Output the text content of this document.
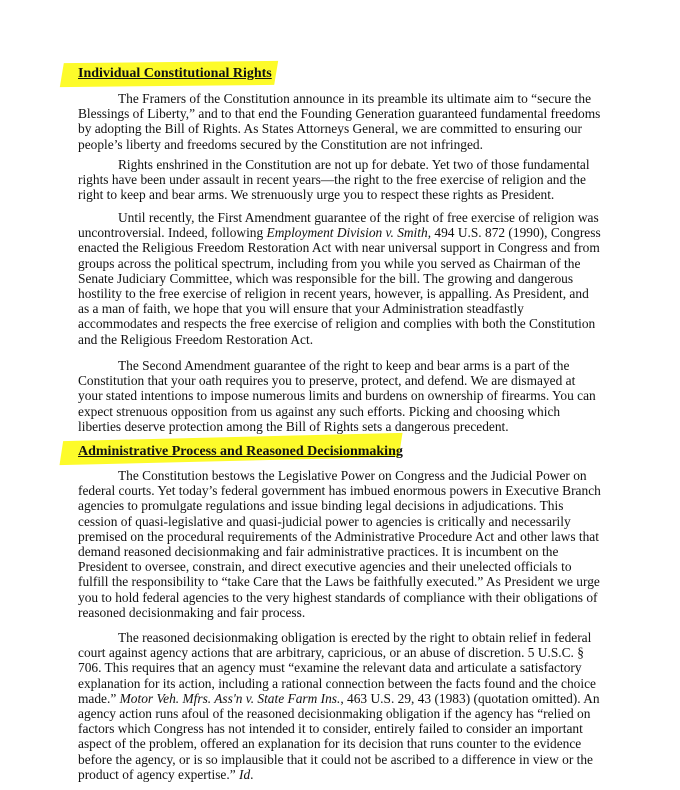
Individual Constitutional Rights

The Framers of the Constitution announce in its preamble its ultimate aim to “secure the Blessings of Liberty,” and to that end the Founding Generation guaranteed fundamental freedoms by adopting the Bill of Rights. As States Attorneys General, we are committed to ensuring our people’s liberty and freedoms secured by the Constitution are not infringed.

Rights enshrined in the Constitution are not up for debate. Yet two of those fundamental rights have been under assault in recent years—the right to the free exercise of religion and the right to keep and bear arms. We strenuously urge you to respect these rights as President.

Until recently, the First Amendment guarantee of the right of free exercise of religion was uncontroversial. Indeed, following Employment Division v. Smith, 494 U.S. 872 (1990), Congress enacted the Religious Freedom Restoration Act with near universal support in Congress and from groups across the political spectrum, including from you while you served as Chairman of the Senate Judiciary Committee, which was responsible for the bill. The growing and dangerous hostility to the free exercise of religion in recent years, however, is appalling. As President, and as a man of faith, we hope that you will ensure that your Administration steadfastly accommodates and respects the free exercise of religion and complies with both the Constitution and the Religious Freedom Restoration Act.

The Second Amendment guarantee of the right to keep and bear arms is a part of the Constitution that your oath requires you to preserve, protect, and defend. We are dismayed at your stated intentions to impose numerous limits and burdens on ownership of firearms. You can expect strenuous opposition from us against any such efforts. Picking and choosing which liberties deserve protection among the Bill of Rights sets a dangerous precedent.

Administrative Process and Reasoned Decisionmaking

The Constitution bestows the Legislative Power on Congress and the Judicial Power on federal courts. Yet today’s federal government has imbued enormous powers in Executive Branch agencies to promulgate regulations and issue binding legal decisions in adjudications. This cession of quasi-legislative and quasi-judicial power to agencies is critically and necessarily premised on the procedural requirements of the Administrative Procedure Act and other laws that demand reasoned decisionmaking and fair administrative practices. It is incumbent on the President to oversee, constrain, and direct executive agencies and their unelected officials to fulfill the responsibility to “take Care that the Laws be faithfully executed.” As President we urge you to hold federal agencies to the very highest standards of compliance with their obligations of reasoned decisionmaking and fair process.

The reasoned decisionmaking obligation is erected by the right to obtain relief in federal court against agency actions that are arbitrary, capricious, or an abuse of discretion. 5 U.S.C. § 706. This requires that an agency must “examine the relevant data and articulate a satisfactory explanation for its action, including a rational connection between the facts found and the choice made.” Motor Veh. Mfrs. Ass'n v. State Farm Ins., 463 U.S. 29, 43 (1983) (quotation omitted). An agency action runs afoul of the reasoned decisionmaking obligation if the agency has “relied on factors which Congress has not intended it to consider, entirely failed to consider an important aspect of the problem, offered an explanation for its decision that runs counter to the evidence before the agency, or is so implausible that it could not be ascribed to a difference in view or the product of agency expertise.” Id.
